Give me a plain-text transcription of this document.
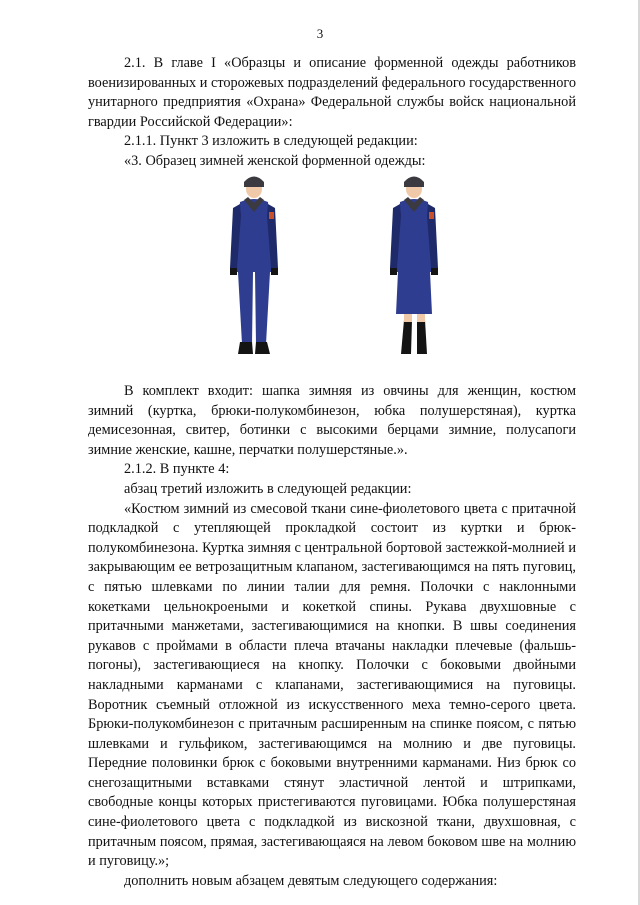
3

2.1. В главе I «Образцы и описание форменной одежды работников военизированных и сторожевых подразделений федерального государственного унитарного предприятия «Охрана» Федеральной службы войск национальной гвардии Российской Федерации»:

2.1.1. Пункт 3 изложить в следующей редакции:

«3. Образец зимней женской форменной одежды:

В комплект входит: шапка зимняя из овчины для женщин, костюм зимний (куртка, брюки-полукомбинезон, юбка полушерстяная), куртка демисезонная, свитер, ботинки с высокими берцами зимние, полусапоги зимние женские, кашне, перчатки полушерстяные.».

2.1.2. В пункте 4:

абзац третий изложить в следующей редакции:

«Костюм зимний из смесовой ткани сине-фиолетового цвета с притачной подкладкой с утепляющей прокладкой состоит из куртки и брюк-полукомбинезона. Куртка зимняя с центральной бортовой застежкой-молнией и закрывающим ее ветрозащитным клапаном, застегивающимся на пять пуговиц, с пятью шлевками по линии талии для ремня. Полочки с наклонными кокетками цельнокроеными и кокеткой спины. Рукава двухшовные с притачными манжетами, застегивающимися на кнопки. В швы соединения рукавов с проймами в области плеча втачаны накладки плечевые (фальшь-погоны), застегивающиеся на кнопку. Полочки с боковыми двойными накладными карманами с клапанами, застегивающимися на пуговицы. Воротник съемный отложной из искусственного меха темно-серого цвета. Брюки-полукомбинезон с притачным расширенным на спинке поясом, с пятью шлевками и гульфиком, застегивающимся на молнию и две пуговицы. Передние половинки брюк с боковыми внутренними карманами. Низ брюк со снегозащитными вставками стянут эластичной лентой и штрипками, свободные концы которых пристегиваются пуговицами. Юбка полушерстяная сине-фиолетового цвета с подкладкой из вискозной ткани, двухшовная, с притачным поясом, прямая, застегивающаяся на левом боковом шве на молнию и пуговицу.»;

дополнить новым абзацем девятым следующего содержания:
